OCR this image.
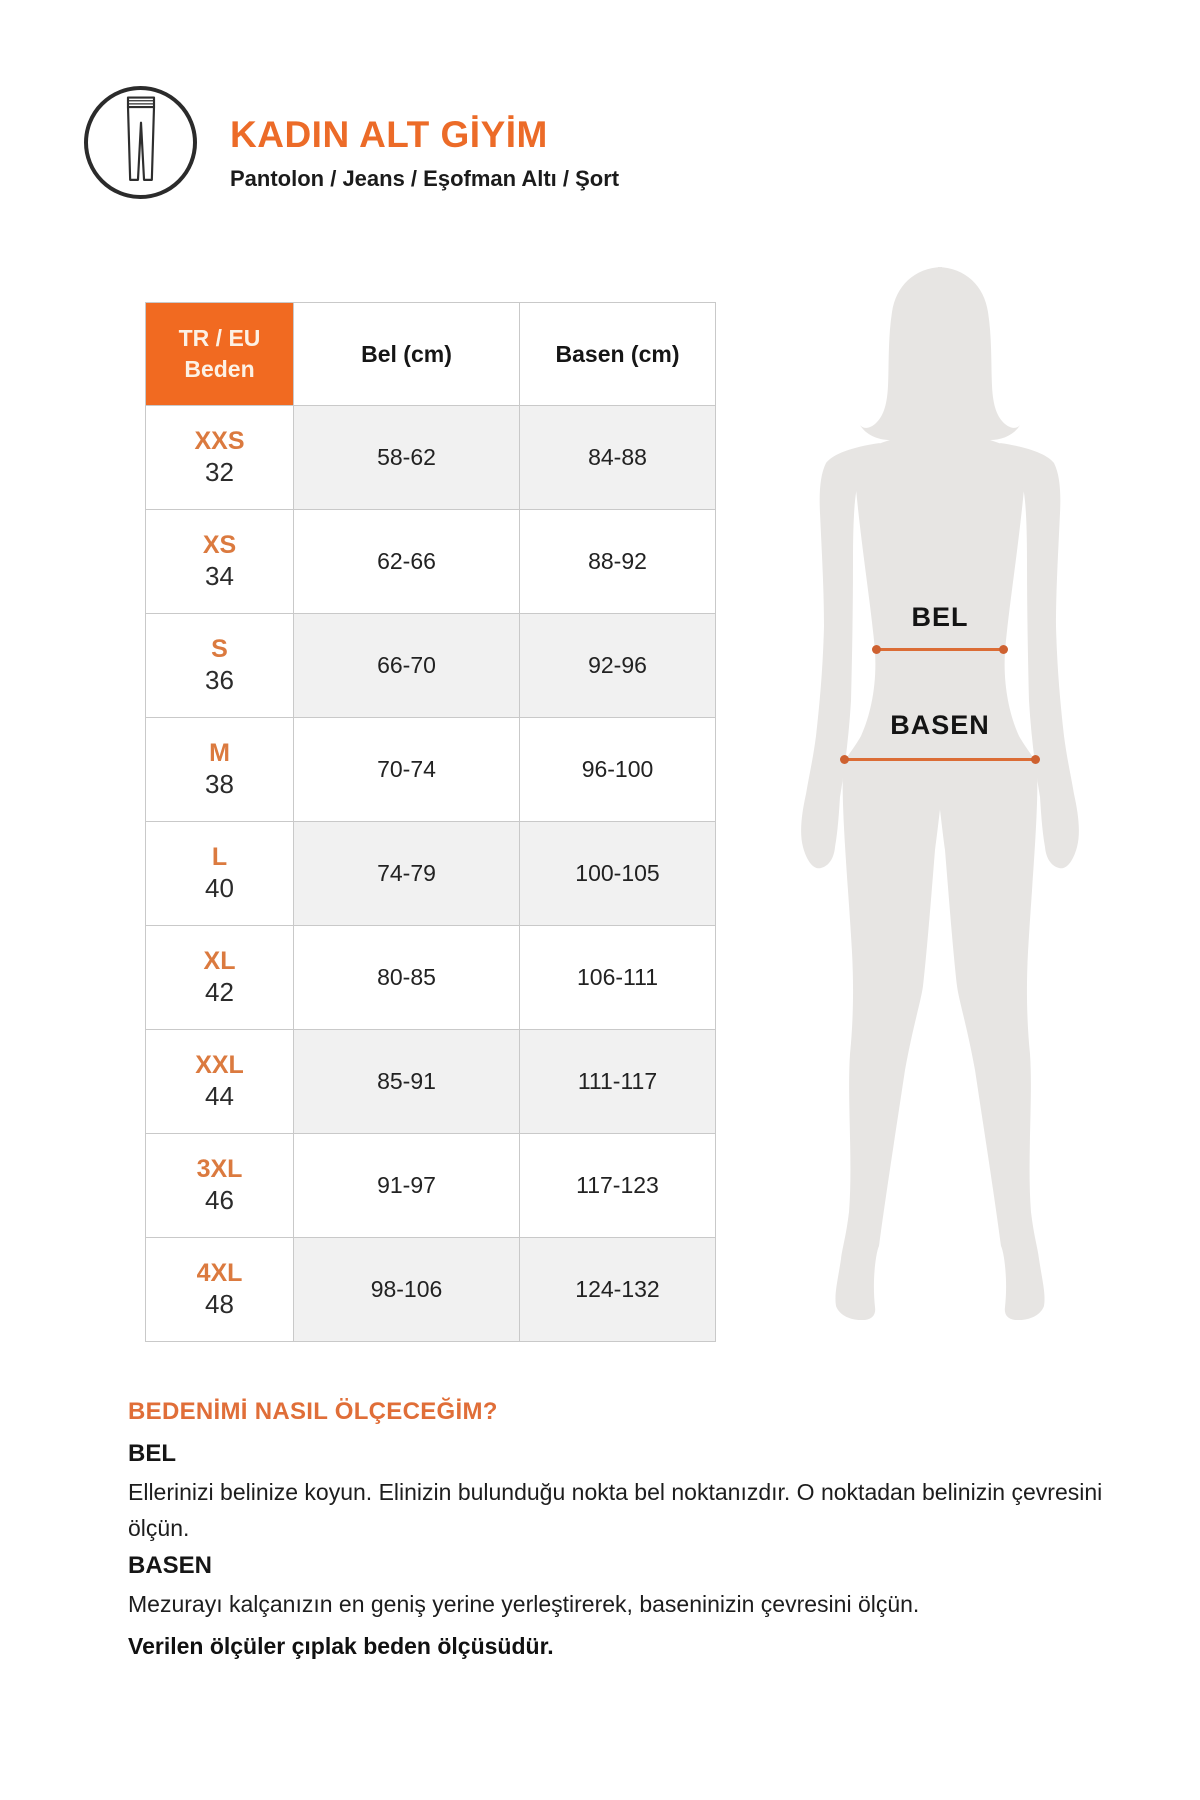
KADIN ALT GİYİM
Pantolon / Jeans / Eşofman Altı / Şort
TR / EU
Beden	Bel (cm)	Basen (cm)

XXS
32	58-62	84-88

XS
34	62-66	88-92

S
36	66-70	92-96

M
38	70-74	96-100

L
40	74-79	100-105

XL
42	80-85	106-111

XXL
44	85-91	111-117

3XL
46	91-97	117-123

4XL
48	98-106	124-132
BEL
BASEN
BEDENİMİ NASIL ÖLÇECEĞİM?
BEL

Ellerinizi belinize koyun. Elinizin bulunduğu nokta bel noktanızdır. O noktadan belinizin çevresini ölçün.

BASEN

Mezurayı kalçanızın en geniş yerine yerleştirerek, baseninizin çevresini ölçün.

Verilen ölçüler çıplak beden ölçüsüdür.
